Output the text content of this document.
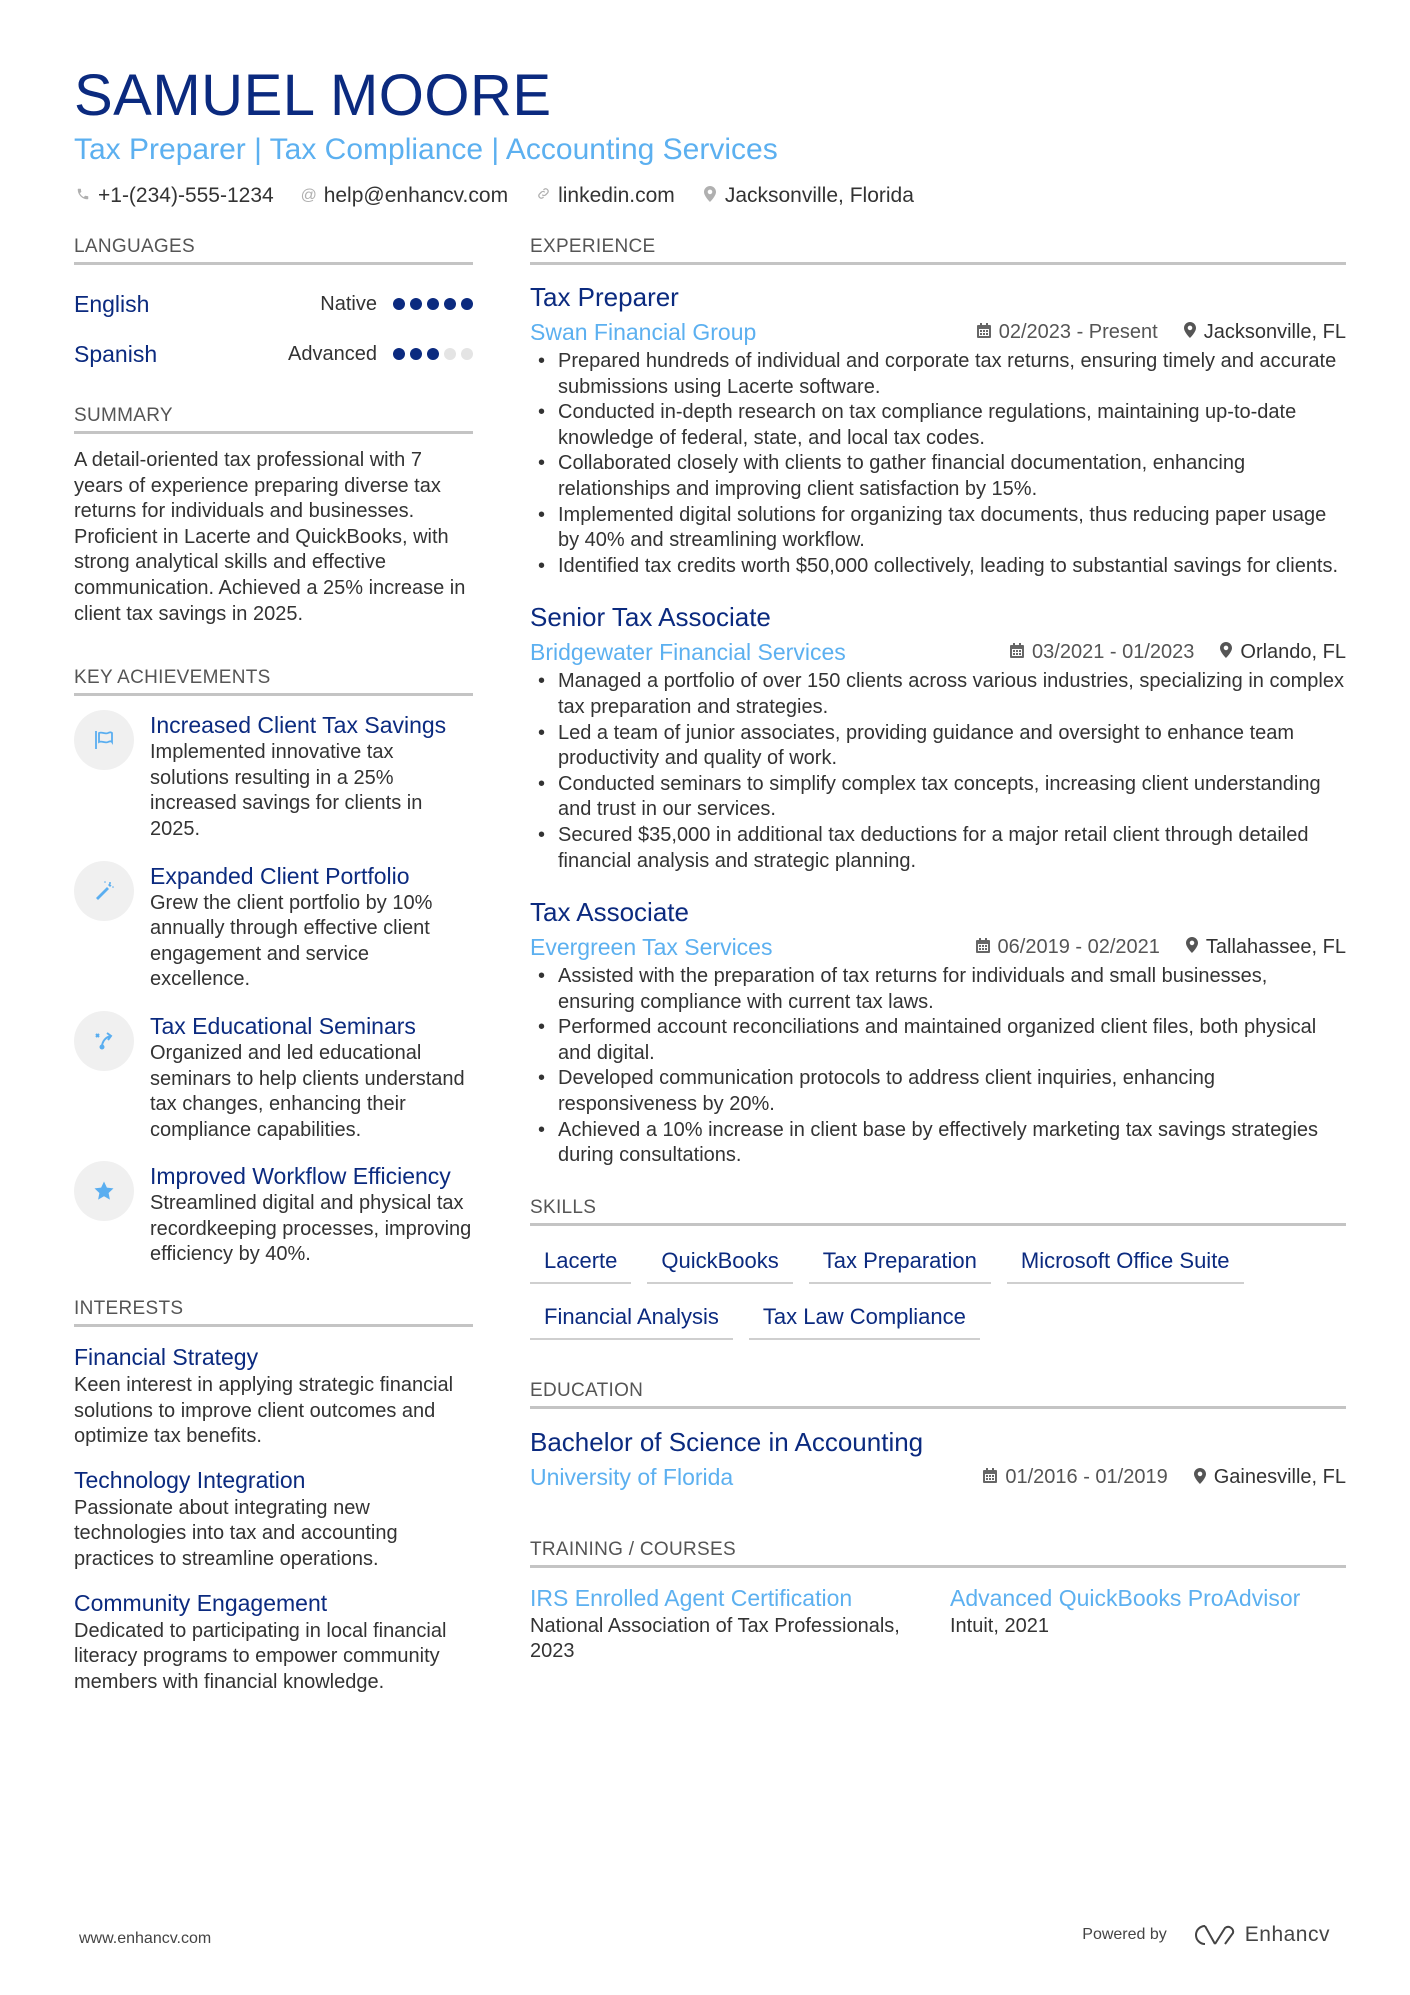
SAMUEL MOORE
Tax Preparer | Tax Compliance | Accounting Services
+1-(234)-555-1234 @ help@enhancv.com linkedin.com Jacksonville, Florida
LANGUAGES
English	Native
Spanish	Advanced
SUMMARY

A detail-oriented tax professional with 7 years of experience preparing diverse tax returns for individuals and businesses. Proficient in Lacerte and QuickBooks, with strong analytical skills and effective communication. Achieved a 25% increase in client tax savings in 2025.

KEY ACHIEVEMENTS
Increased Client Tax Savings
Implemented innovative tax solutions resulting in a 25% increased savings for clients in 2025.
Expanded Client Portfolio
Grew the client portfolio by 10% annually through effective client engagement and service excellence.
Tax Educational Seminars
Organized and led educational seminars to help clients understand tax changes, enhancing their compliance capabilities.
Improved Workflow Efficiency
Streamlined digital and physical tax recordkeeping processes, improving efficiency by 40%.
INTERESTS
Financial Strategy
Keen interest in applying strategic financial solutions to improve client outcomes and optimize tax benefits.
Technology Integration
Passionate about integrating new technologies into tax and accounting practices to streamline operations.
Community Engagement
Dedicated to participating in local financial literacy programs to empower community members with financial knowledge.
EXPERIENCE
Tax Preparer
Swan Financial Group	02/2023 - Present Jacksonville, FL
• Prepared hundreds of individual and corporate tax returns, ensuring timely and accurate submissions using Lacerte software.
• Conducted in-depth research on tax compliance regulations, maintaining up-to-date knowledge of federal, state, and local tax codes.
• Collaborated closely with clients to gather financial documentation, enhancing relationships and improving client satisfaction by 15%.
• Implemented digital solutions for organizing tax documents, thus reducing paper usage by 40% and streamlining workflow.
• Identified tax credits worth $50,000 collectively, leading to substantial savings for clients.
Senior Tax Associate
Bridgewater Financial Services	03/2021 - 01/2023 Orlando, FL
• Managed a portfolio of over 150 clients across various industries, specializing in complex tax preparation and strategies.
• Led a team of junior associates, providing guidance and oversight to enhance team productivity and quality of work.
• Conducted seminars to simplify complex tax concepts, increasing client understanding and trust in our services.
• Secured $35,000 in additional tax deductions for a major retail client through detailed financial analysis and strategic planning.
Tax Associate
Evergreen Tax Services	06/2019 - 02/2021 Tallahassee, FL
• Assisted with the preparation of tax returns for individuals and small businesses, ensuring compliance with current tax laws.
• Performed account reconciliations and maintained organized client files, both physical and digital.
• Developed communication protocols to address client inquiries, enhancing responsiveness by 20%.
• Achieved a 10% increase in client base by effectively marketing tax savings strategies during consultations.
SKILLS
Lacerte	QuickBooks	Tax Preparation	Microsoft Office Suite
Financial Analysis	Tax Law Compliance
EDUCATION
Bachelor of Science in Accounting
University of Florida	01/2016 - 01/2019 Gainesville, FL
TRAINING / COURSES
IRS Enrolled Agent Certification
National Association of Tax Professionals, 2023
Advanced QuickBooks ProAdvisor
Intuit, 2021
www.enhancv.com	Powered by	Enhancv
